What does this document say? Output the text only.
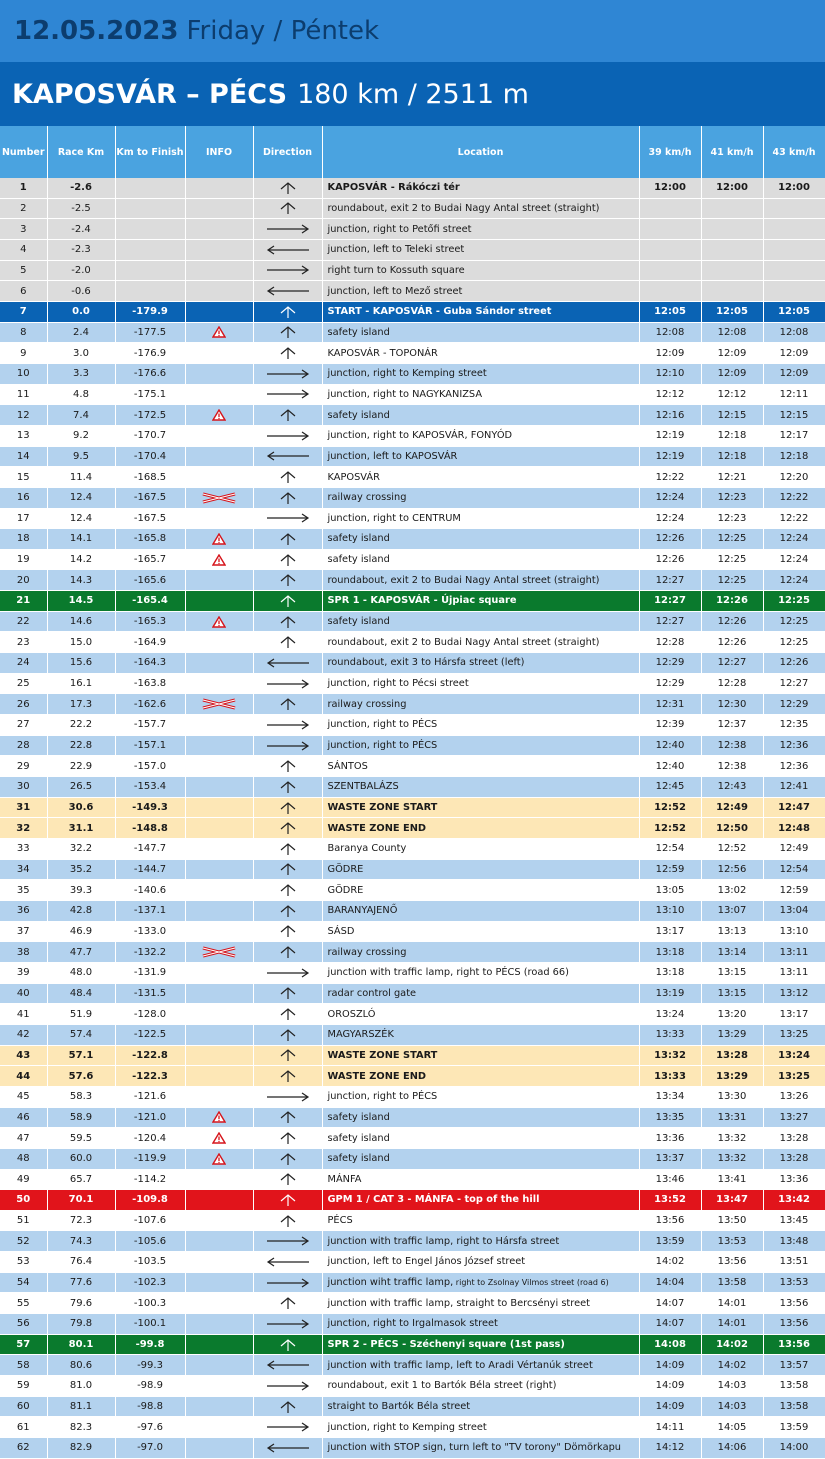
12.05.2023 Friday / Péntek
KAPOSVÁR – PÉCS 180 km / 2511 m
Number	Race Km	Km to Finish	INFO	Direction	Location	39 km/h	41 km/h	43 km/h
1	-2.6				KAPOSVÁR - Rákóczi tér	12:00	12:00	12:00
2	-2.5				roundabout, exit 2 to Budai Nagy Antal street (straight)			
3	-2.4				junction, right to Petőfi street			
4	-2.3				junction, left to Teleki street			
5	-2.0				right turn to Kossuth square			
6	-0.6				junction, left to Mező street			
7	0.0	-179.9			START - KAPOSVÁR - Guba Sándor street	12:05	12:05	12:05
8	2.4	-177.5			safety island	12:08	12:08	12:08
9	3.0	-176.9			KAPOSVÁR - TOPONÁR	12:09	12:09	12:09
10	3.3	-176.6			junction, right to Kemping street	12:10	12:09	12:09
11	4.8	-175.1			junction, right to NAGYKANIZSA	12:12	12:12	12:11
12	7.4	-172.5			safety island	12:16	12:15	12:15
13	9.2	-170.7			junction, right to KAPOSVÁR, FONYÓD	12:19	12:18	12:17
14	9.5	-170.4			junction, left to KAPOSVÁR	12:19	12:18	12:18
15	11.4	-168.5			KAPOSVÁR	12:22	12:21	12:20
16	12.4	-167.5			railway crossing	12:24	12:23	12:22
17	12.4	-167.5			junction, right to CENTRUM	12:24	12:23	12:22
18	14.1	-165.8			safety island	12:26	12:25	12:24
19	14.2	-165.7			safety island	12:26	12:25	12:24
20	14.3	-165.6			roundabout, exit 2 to Budai Nagy Antal street (straight)	12:27	12:25	12:24
21	14.5	-165.4			SPR 1 - KAPOSVÁR - Újpiac square	12:27	12:26	12:25
22	14.6	-165.3			safety island	12:27	12:26	12:25
23	15.0	-164.9			roundabout, exit 2 to Budai Nagy Antal street (straight)	12:28	12:26	12:25
24	15.6	-164.3			roundabout, exit 3 to Hársfa street (left)	12:29	12:27	12:26
25	16.1	-163.8			junction, right to Pécsi street	12:29	12:28	12:27
26	17.3	-162.6			railway crossing	12:31	12:30	12:29
27	22.2	-157.7			junction, right to PÉCS	12:39	12:37	12:35
28	22.8	-157.1			junction, right to PÉCS	12:40	12:38	12:36
29	22.9	-157.0			SÁNTOS	12:40	12:38	12:36
30	26.5	-153.4			SZENTBALÁZS	12:45	12:43	12:41
31	30.6	-149.3			WASTE ZONE START	12:52	12:49	12:47
32	31.1	-148.8			WASTE ZONE END	12:52	12:50	12:48
33	32.2	-147.7			Baranya County	12:54	12:52	12:49
34	35.2	-144.7			GÖDRE	12:59	12:56	12:54
35	39.3	-140.6			GÖDRE	13:05	13:02	12:59
36	42.8	-137.1			BARANYAJENŐ	13:10	13:07	13:04
37	46.9	-133.0			SÁSD	13:17	13:13	13:10
38	47.7	-132.2			railway crossing	13:18	13:14	13:11
39	48.0	-131.9			junction with traffic lamp, right to PÉCS (road 66)	13:18	13:15	13:11
40	48.4	-131.5			radar control gate	13:19	13:15	13:12
41	51.9	-128.0			OROSZLÓ	13:24	13:20	13:17
42	57.4	-122.5			MAGYARSZÉK	13:33	13:29	13:25
43	57.1	-122.8			WASTE ZONE START	13:32	13:28	13:24
44	57.6	-122.3			WASTE ZONE END	13:33	13:29	13:25
45	58.3	-121.6			junction, right to PÉCS	13:34	13:30	13:26
46	58.9	-121.0			safety island	13:35	13:31	13:27
47	59.5	-120.4			safety island	13:36	13:32	13:28
48	60.0	-119.9			safety island	13:37	13:32	13:28
49	65.7	-114.2			MÁNFA	13:46	13:41	13:36
50	70.1	-109.8			GPM 1 / CAT 3 - MÁNFA - top of the hill	13:52	13:47	13:42
51	72.3	-107.6			PÉCS	13:56	13:50	13:45
52	74.3	-105.6			junction with traffic lamp, right to Hársfa street	13:59	13:53	13:48
53	76.4	-103.5			junction, left to Engel János József street	14:02	13:56	13:51
54	77.6	-102.3			junction wiht traffic lamp, right to Zsolnay Vilmos street (road 6)	14:04	13:58	13:53
55	79.6	-100.3			junction with traffic lamp, straight to Bercsényi street	14:07	14:01	13:56
56	79.8	-100.1			junction, right to Irgalmasok street	14:07	14:01	13:56
57	80.1	-99.8			SPR 2 - PÉCS - Széchenyi square (1st pass)	14:08	14:02	13:56
58	80.6	-99.3			junction with traffic lamp, left to Aradi Vértanúk street	14:09	14:02	13:57
59	81.0	-98.9			roundabout, exit 1 to Bartók Béla street (right)	14:09	14:03	13:58
60	81.1	-98.8			straight to Bartók Béla street	14:09	14:03	13:58
61	82.3	-97.6			junction, right to Kemping street	14:11	14:05	13:59
62	82.9	-97.0			junction with STOP sign, turn left to "TV torony" Dömörkapu	14:12	14:06	14:00
